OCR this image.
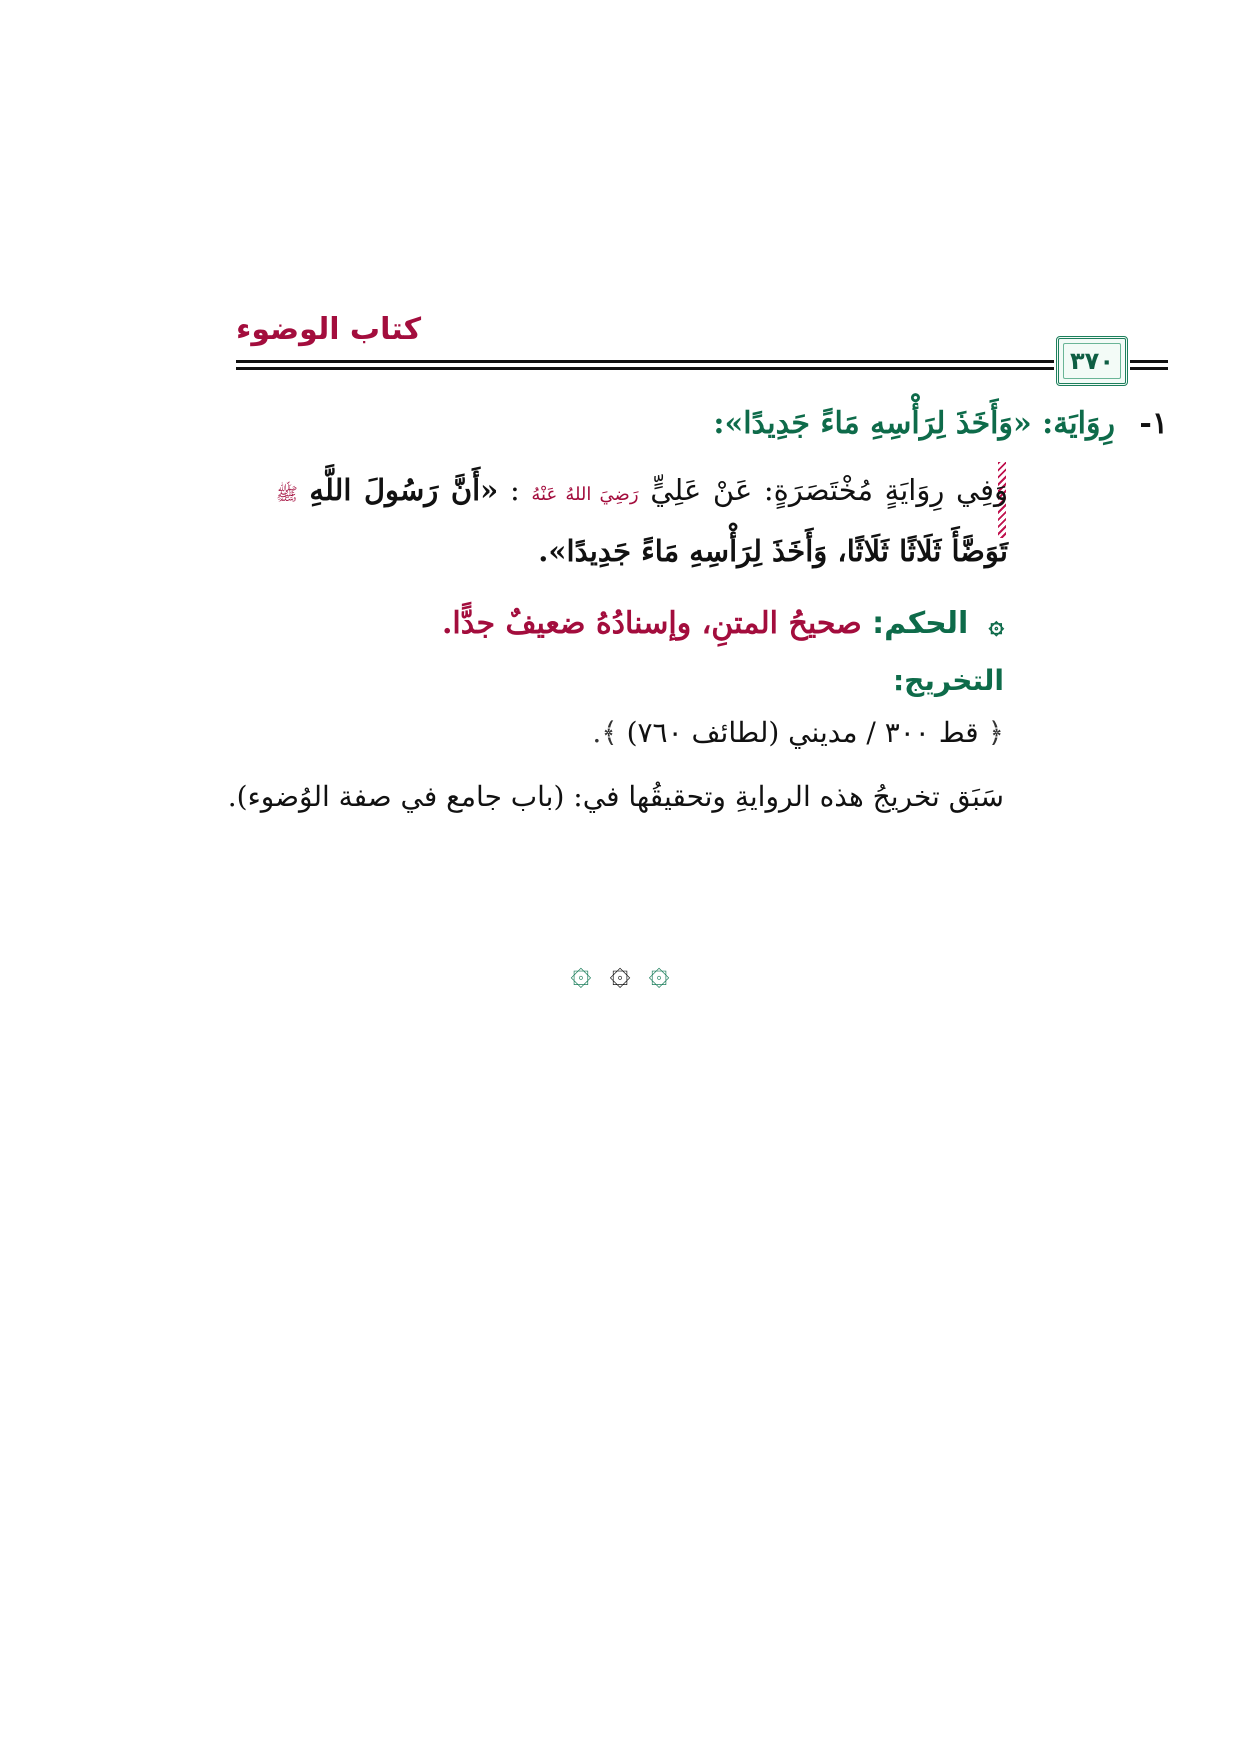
كتاب الوضوء
٣٧٠
١- رِوَايَة: «وَأَخَذَ لِرَأْسِهِ مَاءً جَدِيدًا»:
وَفِي رِوَايَةٍ مُخْتَصَرَةٍ: عَنْ عَلِيٍّ رَضِيَ اللهُ عَنْهُ : «أَنَّ رَسُولَ اللَّهِ ﷺ تَوَضَّأَ ثَلَاثًا ثَلَاثًا، وَأَخَذَ لِرَأْسِهِ مَاءً جَدِيدًا».
۞ الحكم: صحيحُ المتنِ، وإسنادُهُ ضعيفٌ جدًّا.
التخريج:
﴿ قط ٣٠٠ / مديني (لطائف ٧٦٠) ﴾.
سَبَق تخريجُ هذه الروايةِ وتحقيقُها في: (باب جامع في صفة الوُضوء).
۞ ۞ ۞
